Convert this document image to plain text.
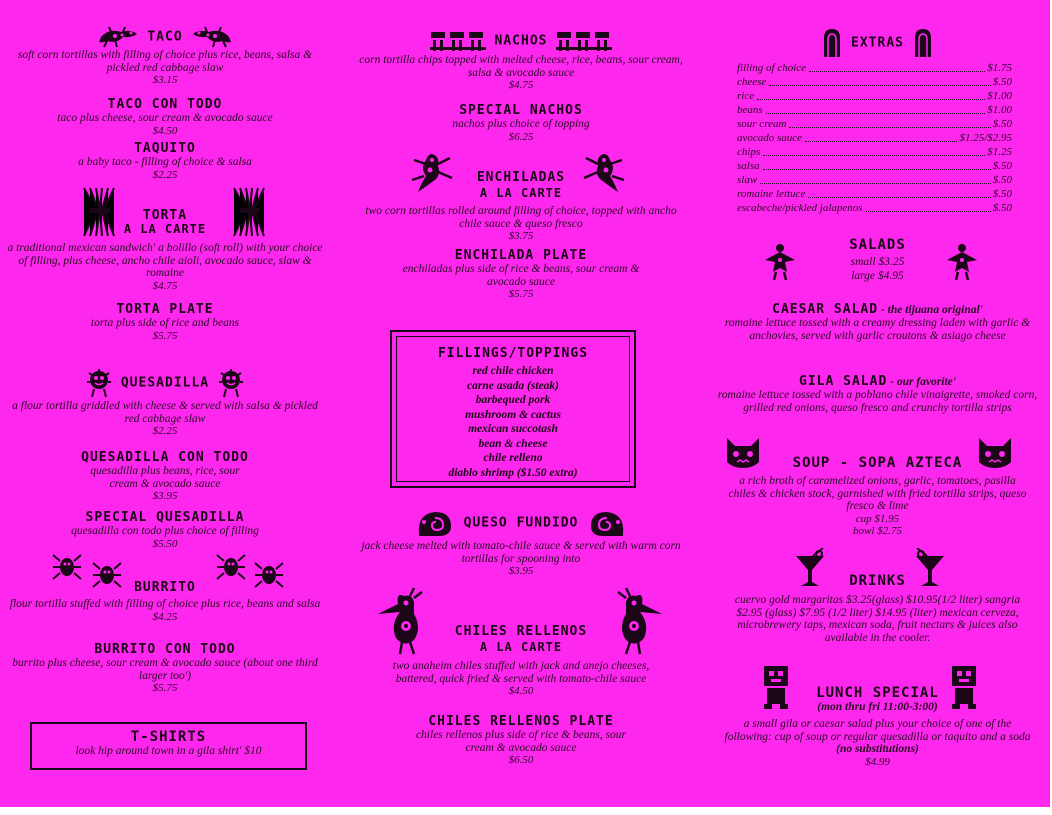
TACO
soft corn tortillas with filling of choice plus rice, beans, salsa & pickled red cabbage slaw
$3.15
TACO CON TODO
taco plus cheese, sour cream & avocado sauce
$4.50
TAQUITO
a baby taco - filling of choice & salsa
$2.25
TORTA
A LA CARTE
a traditional mexican sandwich' a bolillo (soft roll) with your choice of filling, plus cheese, ancho chile aioli, avocado sauce, slaw & romaine
$4.75
TORTA PLATE
torta plus side of rice and beans
$5.75
QUESADILLA
a flour tortilla griddled with cheese & served with salsa & pickled red cabbage slaw
$2.25
QUESADILLA CON TODO
quesadilla plus beans, rice, sour cream & avocado sauce
$3.95
SPECIAL QUESADILLA
quesadilla con todo plus choice of filling
$5.50
BURRITO
flour tortilla stuffed with filling of choice plus rice, beans and salsa
$4.25
BURRITO CON TODO
burrito plus cheese, sour cream & avocado sauce (about one third larger too')
$5.75
T-SHIRTS
look hip around town in a gila shirt' $10
NACHOS
corn tortilla chips topped with melted cheese, rice, beans, sour cream, salsa & avocado sauce
$4.75
SPECIAL NACHOS
nachos plus choice of topping
$6.25
ENCHILADAS
A LA CARTE
two corn tortillas rolled around filling of choice, topped with ancho chile sauce & queso fresco
$3.75
ENCHILADA PLATE
enchiladas plus side of rice & beans, sour cream & avocado sauce
$5.75
QUESO FUNDIDO
jack cheese melted with tomato-chile sauce & served with warm corn tortillas for spooning into
$3.95
CHILES RELLENOS
A LA CARTE
two anaheim chiles stuffed with jack and anejo cheeses, battered, quick fried & served with tomato-chile sauce
$4.50
CHILES RELLENOS PLATE
chiles rellenos plus side of rice & beans, sour cream & avocado sauce
$6.50
FILLINGS/TOPPINGS
red chile chicken
carne asada (steak)
barbequed pork
mushroom & cactus
mexican succotash
bean & cheese
chile relleno
diablo shrimp ($1.50 extra)
EXTRAS
filling of choice	$1.75
cheese	$.50
rice	$1.00
beans	$1.00
sour cream	$.50
avocado sauce	$1.25/$2.95
chips	$1.25
salsa	$.50
slaw	$.50
romaine lettuce	$.50
escabeche/pickled jalapenos	$.50
SALADS
small $3.25
large $4.95
CAESAR SALAD - the tijuana original'
romaine lettuce tossed with a creamy dressing laden with garlic & anchovies, served with garlic croutons & asiago cheese
GILA SALAD - our favorite'
romaine lettuce tossed with a poblano chile vinaigrette, smoked corn, grilled red onions, queso fresco and crunchy tortilla strips
SOUP - SOPA AZTECA
a rich broth of caramelized onions, garlic, tomatoes, pasilla chiles & chicken stock, garnished with fried tortilla strips, queso fresco & lime
cup $1.95
bowl $2.75
DRINKS
cuervo gold margaritas $3.25(glass) $10.95(1/2 liter) sangria $2.95 (glass) $7.95 (1/2 liter) $14.95 (liter) mexican cerveza, microbrewery taps, mexican soda, fruit nectars & juices also available in the cooler.
LUNCH SPECIAL
(mon thru fri 11:00-3:00)
a small gila or caesar salad plus your choice of one of the following: cup of soup or regular quesadilla or taquito and a soda
(no substitutions)
$4.99
